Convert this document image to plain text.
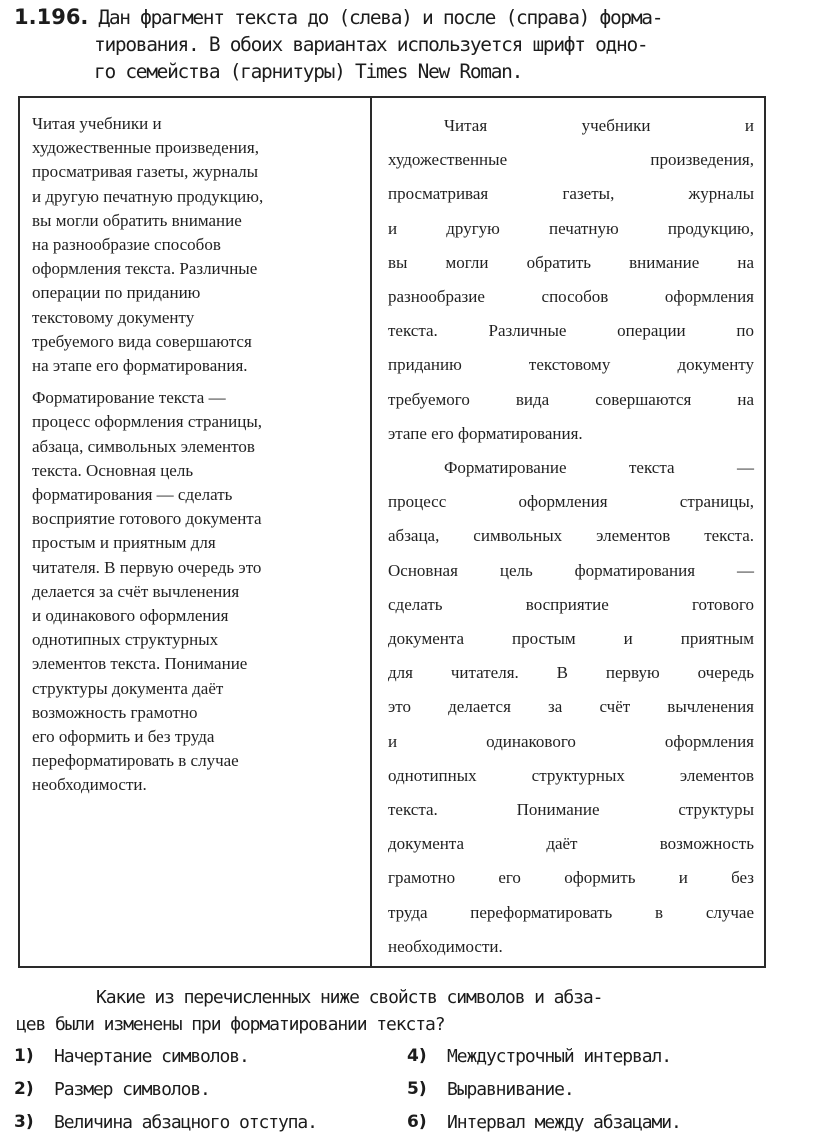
1.196. Дан фрагмент текста до (слева) и после (справа) форма-
тирования. В обоих вариантах используется шрифт одно-
го семейства (гарнитуры) Times New Roman.
Читая учебники и
художественные произведения,
просматривая газеты, журналы
и другую печатную продукцию,
вы могли обратить внимание
на разнообразие способов
оформления текста. Различные
операции по приданию
текстовому документу
требуемого вида совершаются
на этапе его форматирования.
Форматирование текста —
процесс оформления страницы,
абзаца, символьных элементов
текста. Основная цель
форматирования — сделать
восприятие готового документа
простым и приятным для
читателя. В первую очередь это
делается за счёт вычленения
и одинакового оформления
однотипных структурных
элементов текста. Понимание
структуры документа даёт
возможность грамотно
его оформить и без труда
переформатировать в случае
необходимости.
Читая учебники и
художественные произведения,
просматривая газеты, журналы
и другую печатную продукцию,
вы могли обратить внимание на
разнообразие способов оформления
текста. Различные операции по
приданию текстовому документу
требуемого вида совершаются на
этапе его форматирования.
Форматирование текста —
процесс оформления страницы,
абзаца, символьных элементов текста.
Основная цель форматирования —
сделать восприятие готового
документа простым и приятным
для читателя. В первую очередь
это делается за счёт вычленения
и одинакового оформления
однотипных структурных элементов
текста. Понимание структуры
документа даёт возможность
грамотно его оформить и без
труда переформатировать в случае
необходимости.
Какие из перечисленных ниже свойств символов и абза-
цев были изменены при форматировании текста?
1)	Начертание символов.	4)	Междустрочный интервал.
2)	Размер символов.	5)	Выравнивание.
3)	Величина абзацного отступа.	6)	Интервал между абзацами.
